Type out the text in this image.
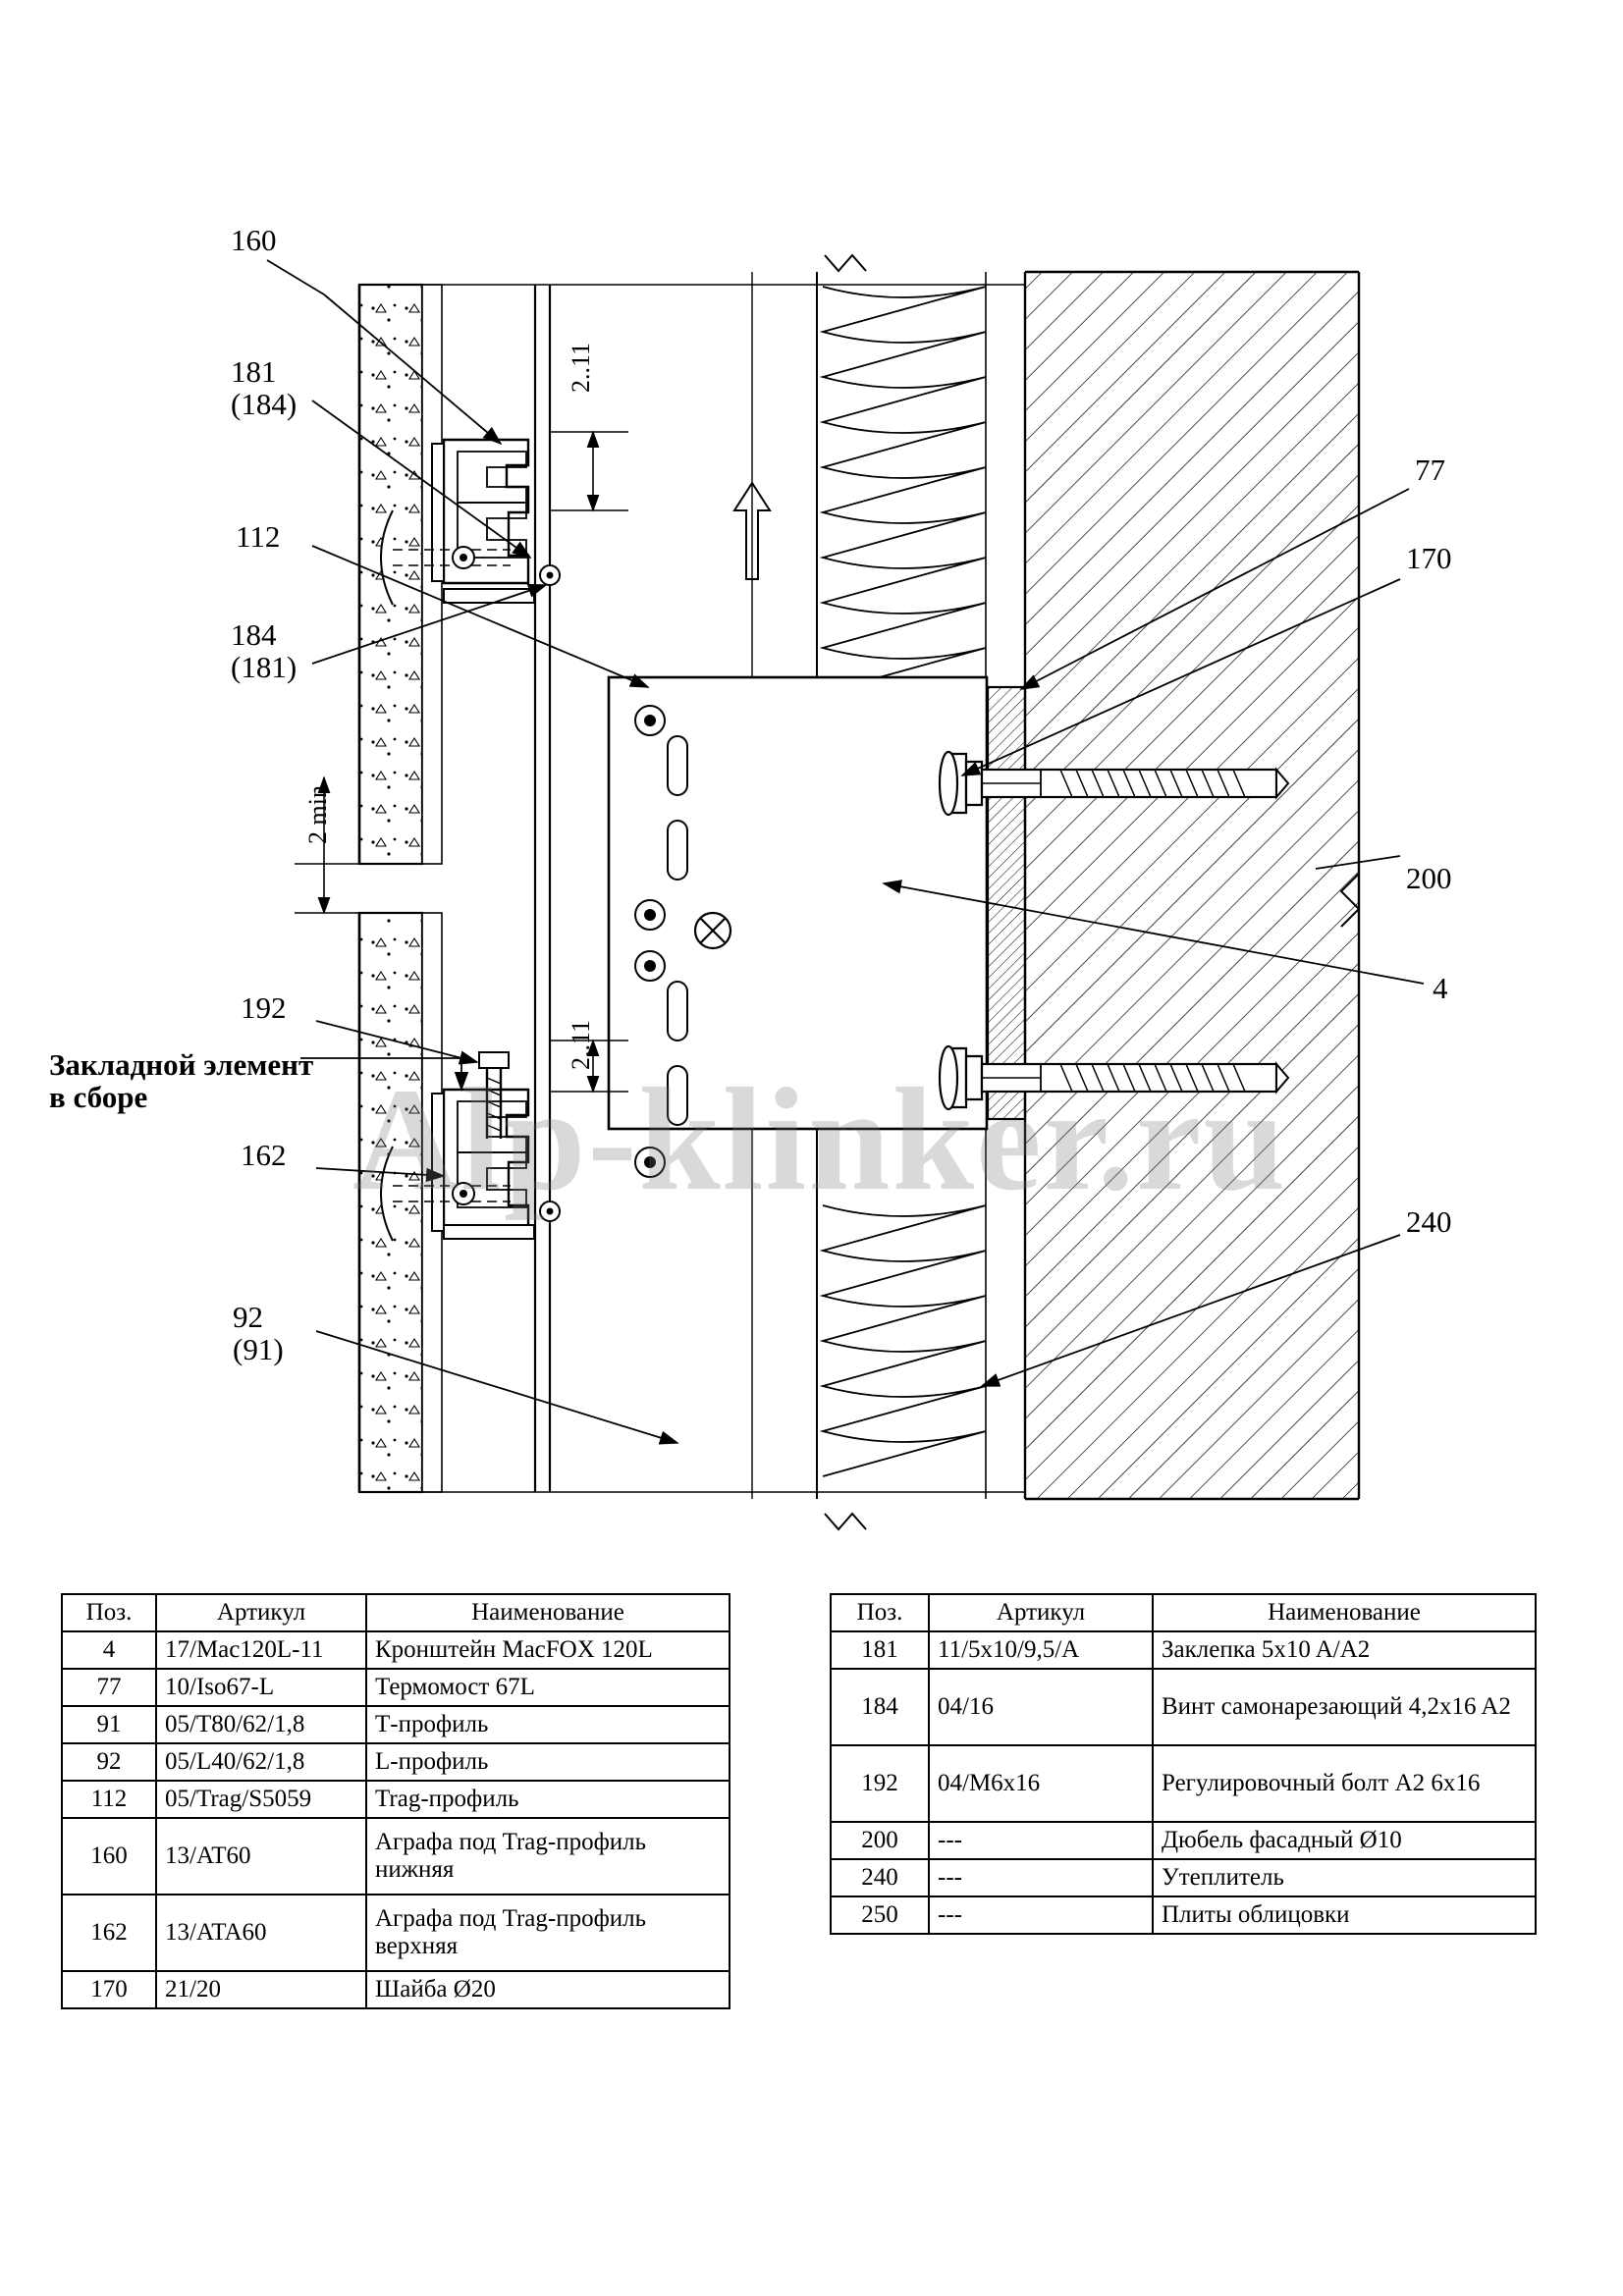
160
181
(184)
112
184
(181)
192
162
92
(91)
77
170
200
4
240
Закладной элемент
в сборе
2..11
2..11
2 min
Alp-klinker.ru
Поз.	Артикул	Наименование
4	17/Mac120L-11	Кронштейн MacFOX 120L
77	10/Iso67-L	Термомост 67L
91	05/T80/62/1,8	Т-профиль
92	05/L40/62/1,8	L-профиль
112	05/Trag/S5059	Trag-профиль
160	13/AT60	Аграфа под Trag-профиль нижняя
162	13/ATA60	Аграфа под Trag-профиль верхняя
170	21/20	Шайба Ø20
Поз.	Артикул	Наименование
181	11/5x10/9,5/A	Заклепка 5x10 A/A2
184	04/16	Винт самонарезающий 4,2x16 A2
192	04/M6x16	Регулировочный болт А2 6x16
200	---	Дюбель фасадный Ø10
240	---	Утеплитель
250	---	Плиты облицовки
